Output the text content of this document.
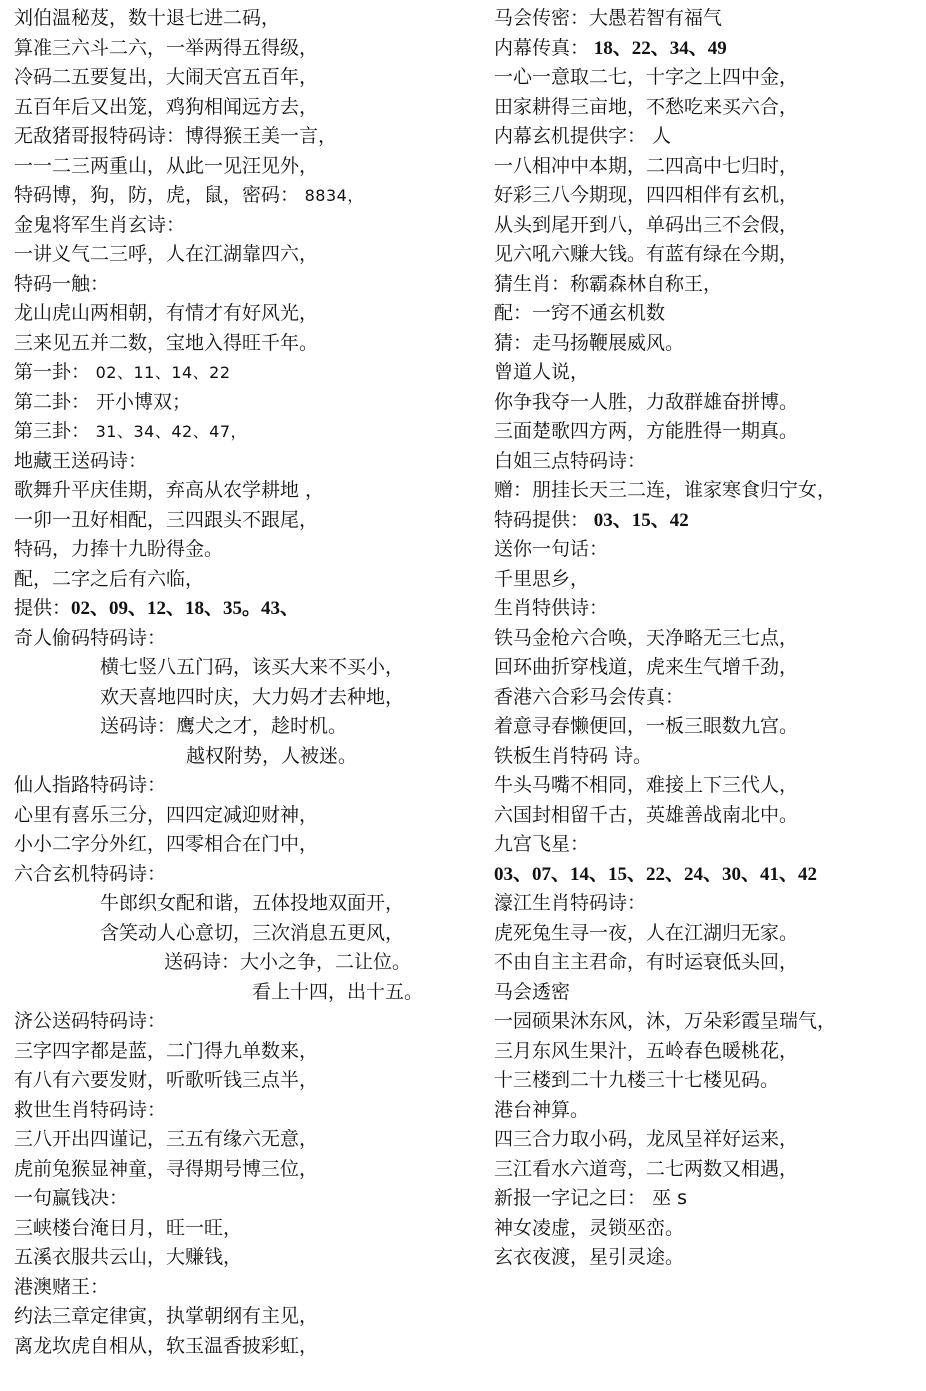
刘伯温秘芨，数十退七进二码，
算准三六斗二六，一举两得五得级，
冷码二五要复出，大闹天宫五百年，
五百年后又出笼，鸡狗相闻远方去，
无敌猪哥报特码诗：博得猴王美一言，
一一二三两重山，从此一见汪见外，
特码博，狗，防，虎，鼠，密码： 8834，
金鬼将军生肖玄诗：
一讲义气二三呼，人在江湖靠四六，
特码一触：
龙山虎山两相朝，有情才有好风光，
三来见五并二数，宝地入得旺千年。
第一卦： 02、11、14、22
第二卦： 开小博双；
第三卦： 31、34、42、47，
地藏王送码诗：
歌舞升平庆佳期，弃高从农学耕地 ，
一卯一丑好相配，三四跟头不跟尾，
特码，力捧十九盼得金。
配，二字之后有六临，
提供：02、09、12、18、35。43、
奇人偷码特码诗：
横七竖八五门码，该买大来不买小，
欢天喜地四时庆，大力妈才去种地，
送码诗：鹰犬之才，趁时机。
越权附势，人被迷。
仙人指路特码诗：
心里有喜乐三分，四四定减迎财神，
小小二字分外红，四零相合在门中，
六合玄机特码诗：
牛郎织女配和谐，五体投地双面开，
含笑动人心意切，三次消息五更风，
送码诗：大小之争，二让位。
看上十四，出十五。
济公送码特码诗：
三字四字都是蓝，二门得九单数来，
有八有六要发财，听歌听钱三点半，
救世生肖特码诗：
三八开出四谨记，三五有缘六无意，
虎前兔猴显神童，寻得期号博三位，
一句赢钱决：
三峡楼台淹日月，旺一旺，
五溪衣服共云山，大赚钱，
港澳赌王：
约法三章定律寅，执掌朝纲有主见，
离龙坎虎自相从，软玉温香披彩虹，
马会传密：大愚若智有福气
内幕传真： 18、22、34、49
一心一意取二七，十字之上四中金，
田家耕得三亩地，不愁吃来买六合，
内幕玄机提供字： 人
一八相冲中本期，二四高中七归时，
好彩三八今期现，四四相伴有玄机，
从头到尾开到八，单码出三不会假，
见六吼六赚大钱。有蓝有绿在今期，
猜生肖：称霸森林自称王，
配：一窍不通玄机数
猜：走马扬鞭展威风。
曾道人说，
你争我夺一人胜，力敌群雄奋拼博。
三面楚歌四方两，方能胜得一期真。
白姐三点特码诗：
赠：朋挂长天三二连，谁家寒食归宁女，
特码提供： 03、15、42
送你一句话：
千里思乡，
生肖特供诗：
铁马金枪六合唤，天净略无三七点，
回环曲折穿栈道，虎来生气增千劲，
香港六合彩马会传真：
着意寻春懒便回，一板三眼数九宫。
铁板生肖特码 诗。
牛头马嘴不相同，难接上下三代人，
六国封相留千古，英雄善战南北中。
九宫飞星：
03、07、14、15、22、24、30、41、42
濠江生肖特码诗：
虎死兔生寻一夜，人在江湖归无家。
不由自主主君命，有时运衰低头回，
马会透密
一园硕果沐东风，沐，万朵彩霞呈瑞气，
三月东风生果汁，五岭春色暖桃花，
十三楼到二十九楼三十七楼见码。
港台神算。
四三合力取小码，龙凤呈祥好运来，
三江看水六道弯，二七两数又相遇，
新报一字记之曰： 巫 s
神女凌虚，灵锁巫峦。
玄衣夜渡，星引灵途。
